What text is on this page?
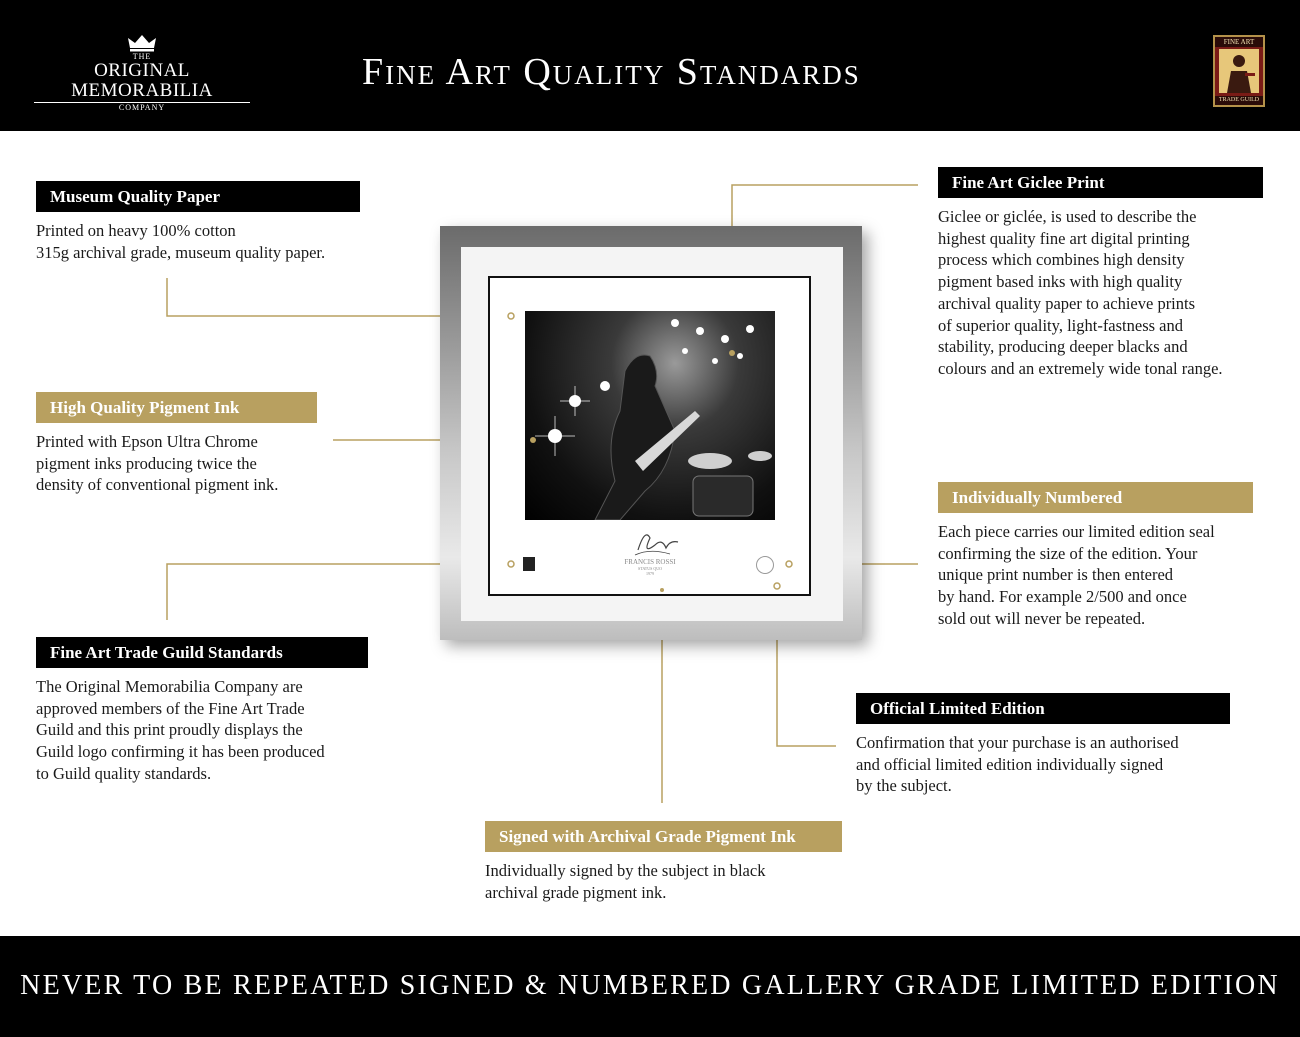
THE
ORIGINAL MEMORABILIA
COMPANY
Fine Art Quality Standards
FINE ART
TRADE GUILD
FRANCIS ROSSI
STATUS QUO
1979
Museum Quality Paper

Printed on heavy 100% cotton

315g archival grade, museum quality paper.

High Quality Pigment Ink

Printed with Epson Ultra Chrome

pigment inks producing twice the

density of conventional pigment ink.

Fine Art Trade Guild Standards

The Original Memorabilia Company are

approved members of the Fine Art Trade

Guild and this print proudly displays the

Guild logo confirming it has been produced

to Guild quality standards.

Fine Art Giclee Print

Giclee or giclée, is used to describe the

highest quality fine art digital printing

process which combines high density

pigment based inks with high quality

archival quality paper to achieve prints

of superior quality, light-fastness and

stability, producing deeper blacks and

colours and an extremely wide tonal range.

Individually Numbered

Each piece carries our limited edition seal

confirming the size of the edition. Your

unique print number is then entered

by hand. For example 2/500 and once

sold out will never be repeated.

Official Limited Edition

Confirmation that your purchase is an authorised

and official limited edition individually signed

by the subject.

Signed with Archival Grade Pigment Ink

Individually signed by the subject in black

archival grade pigment ink.

NEVER TO BE REPEATED SIGNED & NUMBERED GALLERY GRADE LIMITED EDITION
